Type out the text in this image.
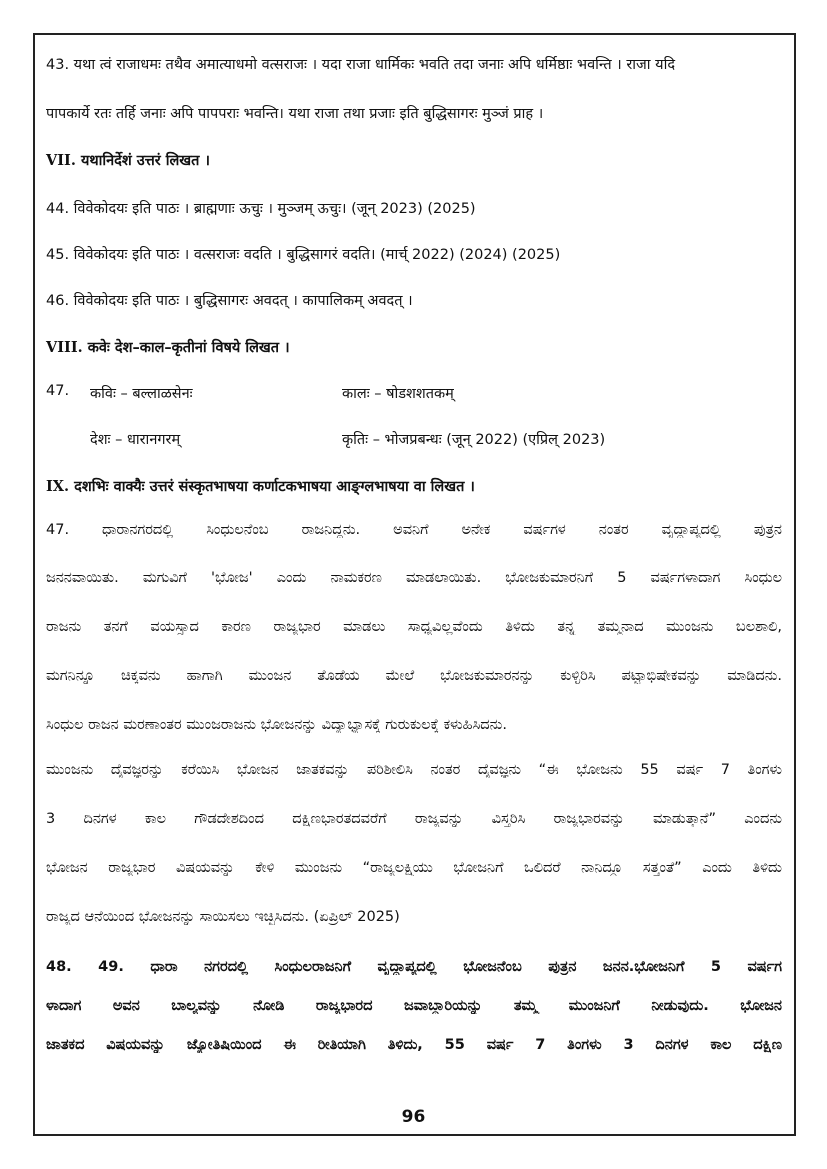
43. यथा त्वं राजाधमः तथैव अमात्याधमो वत्सराजः । यदा राजा धार्मिकः भवति तदा जनाः अपि धर्मिष्ठाः भवन्ति । राजा यदि
पापकार्ये रतः तर्हि जनाः अपि पापपराः भवन्ति। यथा राजा तथा प्रजाः इति बुद्धिसागरः मुञ्जं प्राह ।
VII. यथानिर्देशं उत्तरं लिखत ।
44. विवेकोदयः इति पाठः । ब्राह्मणाः ऊचुः । मुञ्जम् ऊचुः। (जून् 2023) (2025)
45. विवेकोदयः इति पाठः । वत्सराजः वदति । बुद्धिसागरं वदति। (मार्च् 2022) (2024) (2025)
46. विवेकोदयः इति पाठः । बुद्धिसागरः अवदत् । कापालिकम् अवदत् ।
VIII. कवेः देश–काल–कृतीनां विषये लिखत ।
47. कविः – बल्लाळसेनः	कालः – षोडशशतकम्
देशः – धारानगरम्	कृतिः – भोजप्रबन्धः (जून् 2022) (एप्रिल् 2023)
IX. दशभिः वाक्यैः उत्तरं संस्कृतभाषया कर्णाटकभाषया आङ्ग्लभाषया वा लिखत ।
47. ಧಾರಾನಗರದಲ್ಲಿ ಸಿಂಧುಲನೆಂಬ ರಾಜನಿದ್ದನು. ಅವನಿಗೆ ಅನೇಕ ವರ್ಷಗಳ ನಂತರ ವೃದ್ಧಾಪ್ಯದಲ್ಲಿ ಪುತ್ರನ
ಜನನವಾಯಿತು. ಮಗುವಿಗೆ 'ಭೋಜ' ಎಂದು ನಾಮಕರಣ ಮಾಡಲಾಯಿತು. ಭೋಜಕುಮಾರನಿಗೆ 5 ವರ್ಷಗಳಾದಾಗ ಸಿಂಧುಲ
ರಾಜನು ತನಗೆ ವಯಸ್ಸಾದ ಕಾರಣ ರಾಜ್ಯಭಾರ ಮಾಡಲು ಸಾಧ್ಯವಿಲ್ಲವೆಂದು ತಿಳಿದು ತನ್ನ ತಮ್ಮನಾದ ಮುಂಜನು ಬಲಶಾಲಿ,
ಮಗನಿನ್ನೂ ಚಿಕ್ಕವನು ಹಾಗಾಗಿ ಮುಂಜನ ತೊಡೆಯ ಮೇಲೆ ಭೋಜಕುಮಾರನನ್ನು ಕುಳ್ಳಿರಿಸಿ ಪಟ್ಟಾಭಿಷೇಕವನ್ನು ಮಾಡಿದನು.
ಸಿಂಧುಲ ರಾಜನ ಮರಣಾಂತರ ಮುಂಜರಾಜನು ಭೋಜನನ್ನು ವಿದ್ಯಾಭ್ಯಾಸಕ್ಕೆ ಗುರುಕುಲಕ್ಕೆ ಕಳುಹಿಸಿದನು.
ಮುಂಜನು ದೈವಜ್ಞರನ್ನು ಕರೆಯಿಸಿ ಭೋಜನ ಜಾತಕವನ್ನು ಪರಿಶೀಲಿಸಿ ನಂತರ ದೈವಜ್ಞನು “ಈ ಭೋಜನು 55 ವರ್ಷ 7 ತಿಂಗಳು
3 ದಿನಗಳ ಕಾಲ ಗೌಡದೇಶದಿಂದ ದಕ್ಷಿಣಭಾರತದವರೆಗೆ ರಾಜ್ಯವನ್ನು ವಿಸ್ತರಿಸಿ ರಾಜ್ಯಭಾರವನ್ನು ಮಾಡುತ್ತಾನೆ” ಎಂದನು
ಭೋಜನ ರಾಜ್ಯಭಾರ ವಿಷಯವನ್ನು ಕೇಳಿ ಮುಂಜನು “ರಾಜ್ಯಲಕ್ಷ್ಮಿಯು ಭೋಜನಿಗೆ ಒಲಿದರೆ ನಾನಿದ್ದೂ ಸತ್ತಂತೆ” ಎಂದು ತಿಳಿದು
ರಾಜ್ಯದ ಆನೆಯಿಂದ ಭೋಜನನ್ನು ಸಾಯಿಸಲು ಇಚ್ಛಿಸಿದನು. (ಏಪ್ರಿಲ್ 2025)
48. 49. ಧಾರಾ ನಗರದಲ್ಲಿ ಸಿಂಧುಲರಾಜನಿಗೆ ವೃದ್ಧಾಪ್ಯದಲ್ಲಿ ಭೋಜನೆಂಬ ಪುತ್ರನ ಜನನ.ಭೋಜನಿಗೆ 5 ವರ್ಷಗ
ಳಾದಾಗ ಅವನ ಬಾಲ್ಯವನ್ನು ನೋಡಿ ರಾಜ್ಯಭಾರದ ಜವಾಬ್ದಾರಿಯನ್ನು ತಮ್ಮ ಮುಂಜನಿಗೆ ನೀಡುವುದು. ಭೋಜನ
ಜಾತಕದ ವಿಷಯವನ್ನು ಜ್ಯೋತಿಷಿಯಿಂದ ಈ ರೀತಿಯಾಗಿ ತಿಳಿದು, 55 ವರ್ಷ 7 ತಿಂಗಳು 3 ದಿನಗಳ ಕಾಲ ದಕ್ಷಿಣ
96
